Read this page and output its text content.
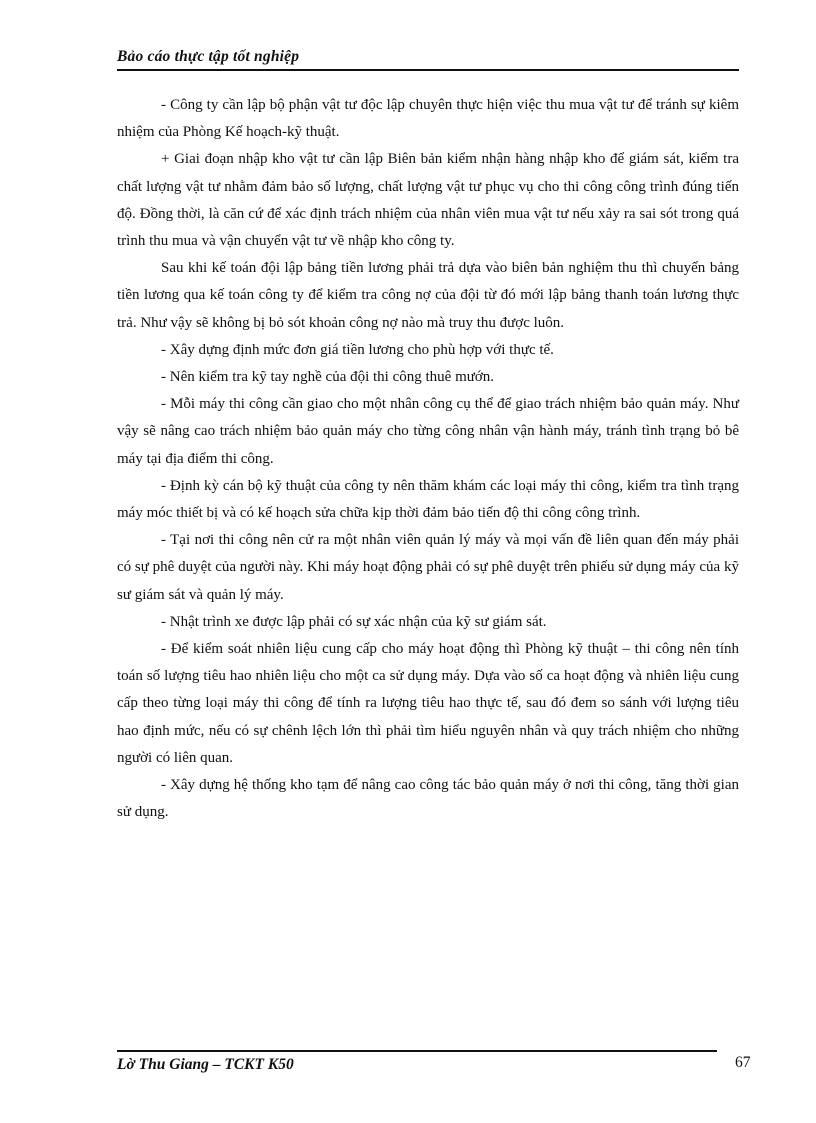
Bảo cáo thực tập tốt nghiệp

- Công ty cần lập bộ phận vật tư độc lập chuyên thực hiện việc thu mua vật tư để tránh sự kiêm nhiệm của Phòng Kế hoạch-kỹ thuật.

+ Giai đoạn nhập kho vật tư cần lập Biên bản kiểm nhận hàng nhập kho để giám sát, kiểm tra chất lượng vật tư nhằm đảm bảo số lượng, chất lượng vật tư phục vụ cho thi công công trình đúng tiến độ. Đồng thời, là căn cứ để xác định trách nhiệm của nhân viên mua vật tư nếu xảy ra sai sót trong quá trình thu mua và vận chuyển vật tư về nhập kho công ty.

Sau khi kế toán đội lập bảng tiền lương phải trả dựa vào biên bản nghiệm thu thì chuyển bảng tiền lương qua kế toán công ty để kiểm tra công nợ của đội từ đó mới lập bảng thanh toán lương thực trả. Như vậy sẽ không bị bỏ sót khoản công nợ nào mà truy thu được luôn.

- Xây dựng định mức đơn giá tiền lương cho phù hợp với thực tế.

- Nên kiểm tra kỹ tay nghề của đội thi công thuê mướn.

- Mỗi máy thi công cần giao cho một nhân công cụ thể để giao trách nhiệm bảo quản máy. Như vậy sẽ nâng cao trách nhiệm bảo quản máy cho từng công nhân vận hành máy, tránh tình trạng bỏ bê máy tại địa điểm thi công.

- Định kỳ cán bộ kỹ thuật của công ty nên thăm khám các loại máy thi công, kiểm tra tình trạng máy móc thiết bị và có kế hoạch sửa chữa kịp thời đảm bảo tiến độ thi công công trình.

- Tại nơi thi công nên cử ra một nhân viên quản lý máy và mọi vấn đề liên quan đến máy phải có sự phê duyệt của người này. Khi máy hoạt động phải có sự phê duyệt trên phiếu sử dụng máy của kỹ sư giám sát và quản lý máy.

- Nhật trình xe được lập phải có sự xác nhận của kỹ sư giám sát.

- Để kiểm soát nhiên liệu cung cấp cho máy hoạt động thì Phòng kỹ thuật – thi công nên tính toán số lượng tiêu hao nhiên liệu cho một ca sử dụng máy. Dựa vào số ca hoạt động và nhiên liệu cung cấp theo từng loại máy thi công để tính ra lượng tiêu hao thực tế, sau đó đem so sánh với lượng tiêu hao định mức, nếu có sự chênh lệch lớn thì phải tìm hiểu nguyên nhân và quy trách nhiệm cho những người có liên quan.

- Xây dựng hệ thống kho tạm để nâng cao công tác bảo quản máy ở nơi thi công, tăng thời gian sử dụng.

Lờ Thu Giang – TCKT K50	67
